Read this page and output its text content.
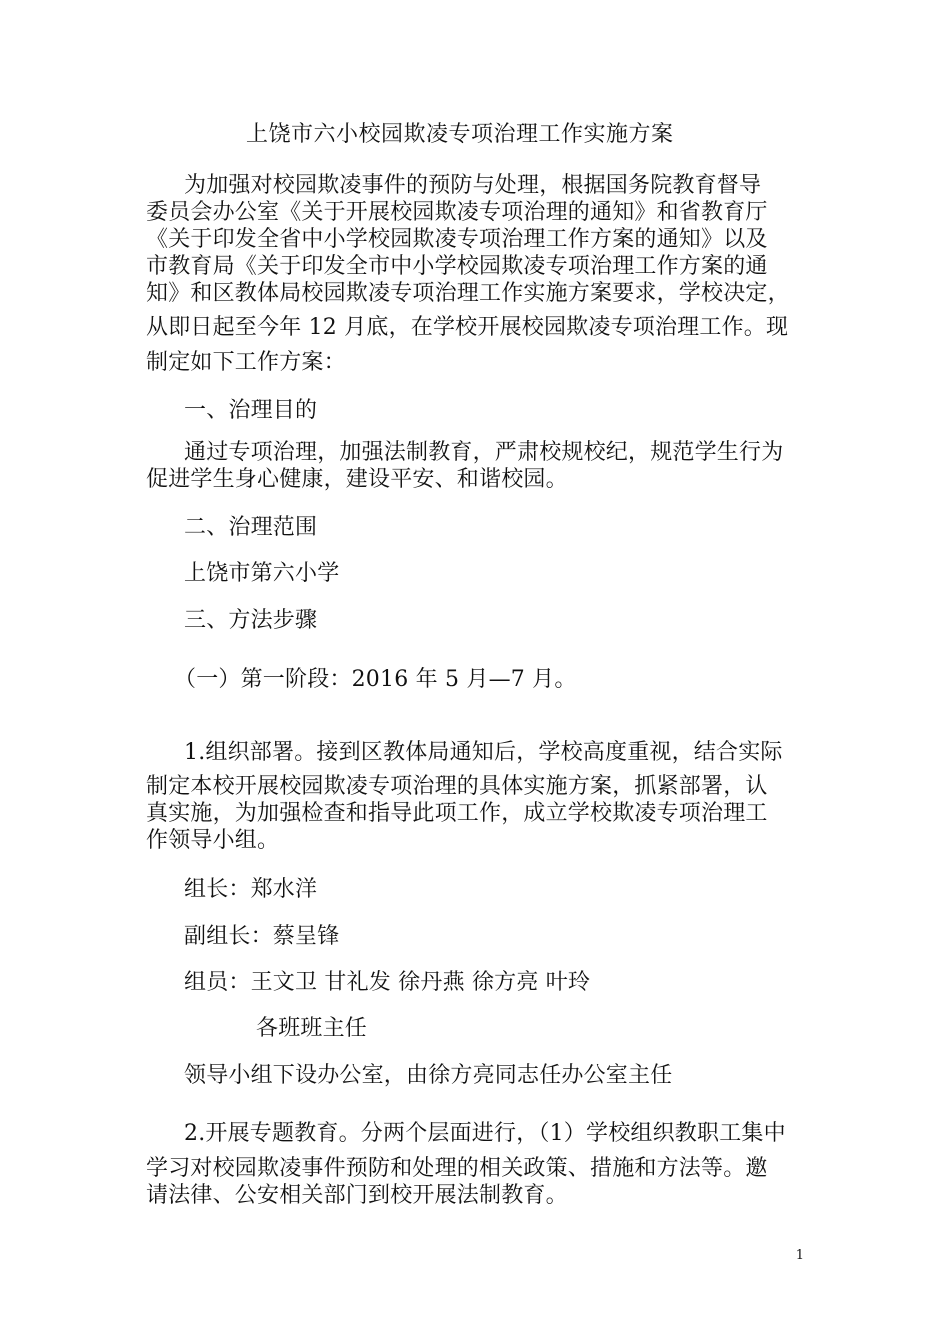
上饶市六小校园欺凌专项治理工作实施方案

为加强对校园欺凌事件的预防与处理，根据国务院教育督导

委员会办公室《关于开展校园欺凌专项治理的通知》和省教育厅

《关于印发全省中小学校园欺凌专项治理工作方案的通知》以及

市教育局《关于印发全市中小学校园欺凌专项治理工作方案的通

知》和区教体局校园欺凌专项治理工作实施方案要求，学校决定，

从即日起至今年 12 月底，在学校开展校园欺凌专项治理工作。现

制定如下工作方案：

一、治理目的

通过专项治理，加强法制教育，严肃校规校纪，规范学生行为

促进学生身心健康，建设平安、和谐校园。

二、治理范围

上饶市第六小学

三、方法步骤

（一）第一阶段：2016 年 5 月—7 月。

1.组织部署。接到区教体局通知后，学校高度重视，结合实际

制定本校开展校园欺凌专项治理的具体实施方案，抓紧部署，认

真实施，为加强检查和指导此项工作，成立学校欺凌专项治理工

作领导小组。

组长：郑水洋

副组长：蔡呈锋

组员：王文卫 甘礼发 徐丹燕 徐方亮 叶玲

各班班主任

领导小组下设办公室，由徐方亮同志任办公室主任

2.开展专题教育。分两个层面进行，（1）学校组织教职工集中

学习对校园欺凌事件预防和处理的相关政策、措施和方法等。邀

请法律、公安相关部门到校开展法制教育。

1
